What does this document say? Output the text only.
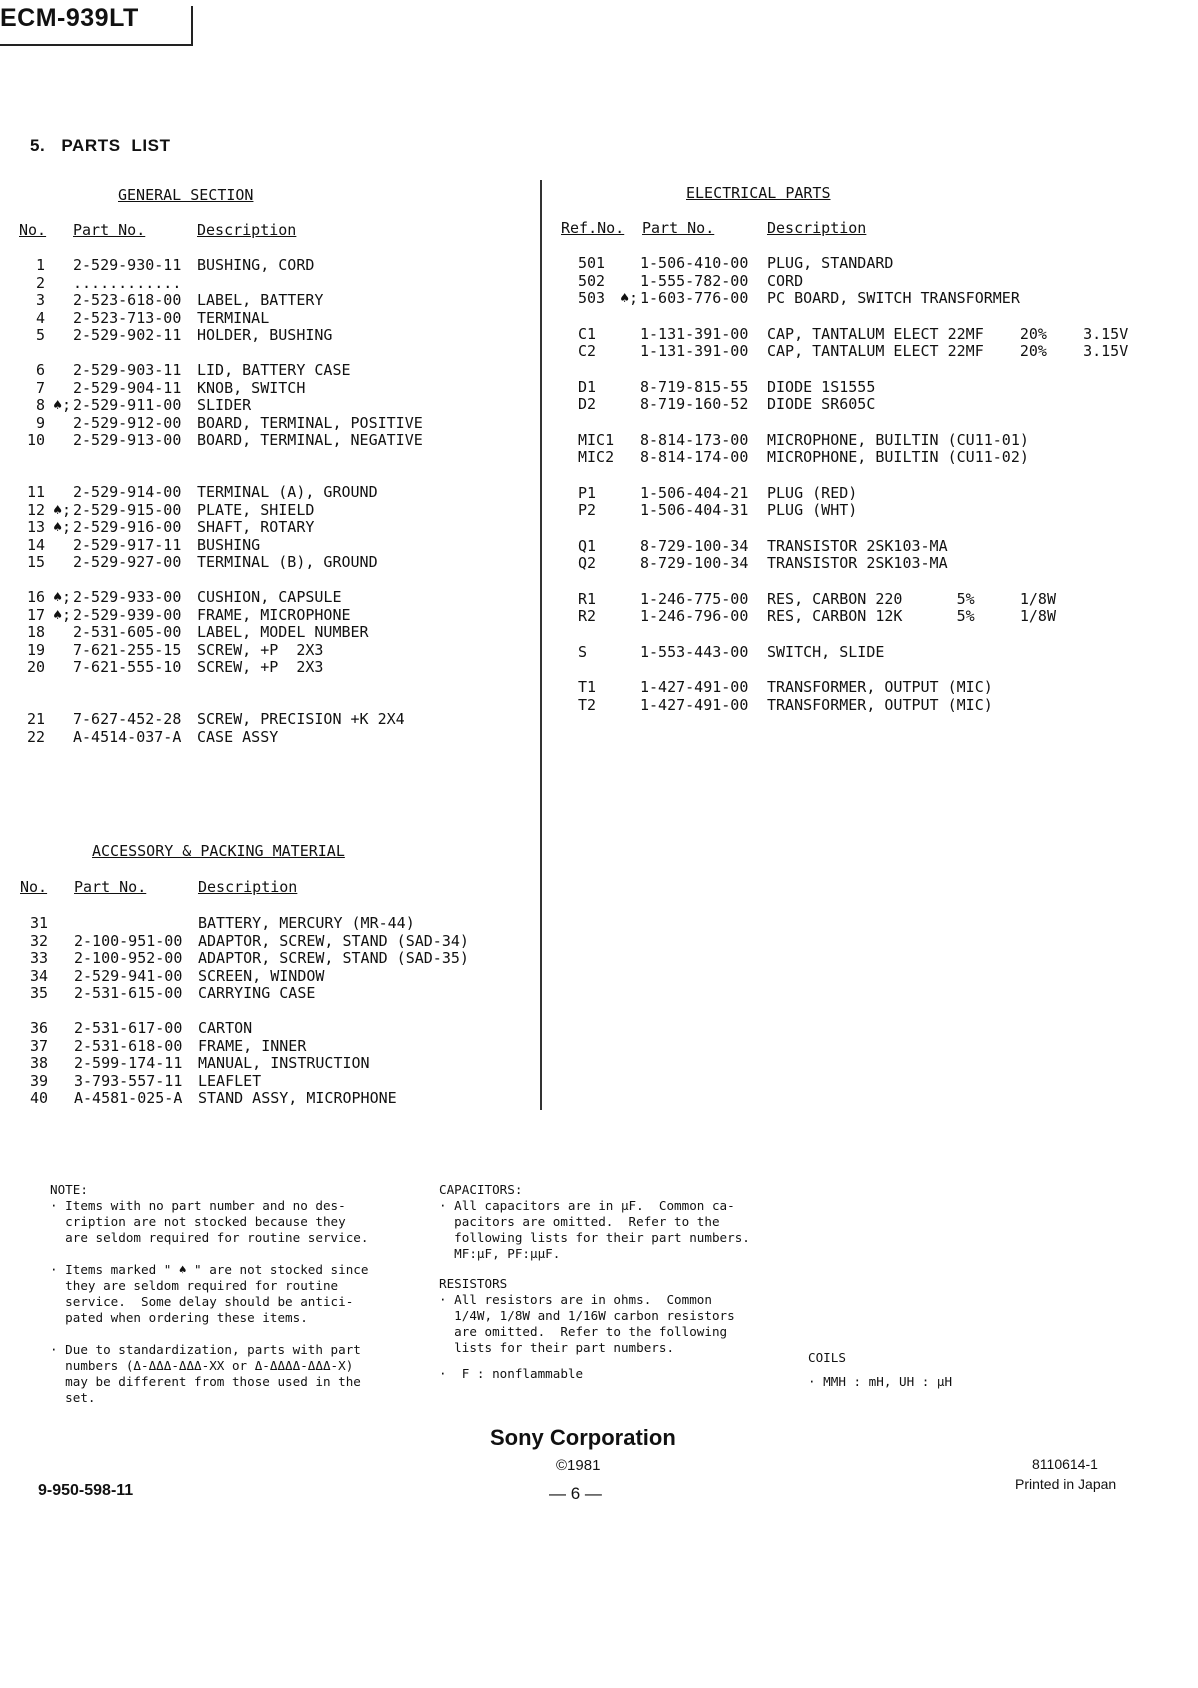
ECM-939LT
5. PARTS  LIST
GENERAL SECTION
No. Part No.	Description
1 2-529-930-11 BUSHING, CORD
2 ............
3 2-523-618-00 LABEL, BATTERY
4 2-523-713-00 TERMINAL
5 2-529-902-11 HOLDER, BUSHING
6 2-529-903-11 LID, BATTERY CASE
7 2-529-904-11 KNOB, SWITCH
8 ♠; 2-529-911-00 SLIDER
9 2-529-912-00 BOARD, TERMINAL, POSITIVE
10 2-529-913-00 BOARD, TERMINAL, NEGATIVE
11 2-529-914-00 TERMINAL (A), GROUND
12 ♠; 2-529-915-00 PLATE, SHIELD
13 ♠; 2-529-916-00 SHAFT, ROTARY
14 2-529-917-11 BUSHING
15 2-529-927-00 TERMINAL (B), GROUND
16 ♠; 2-529-933-00 CUSHION, CAPSULE
17 ♠; 2-529-939-00 FRAME, MICROPHONE
18 2-531-605-00 LABEL, MODEL NUMBER
19 7-621-255-15 SCREW, +P  2X3
20 7-621-555-10 SCREW, +P  2X3
21 7-627-452-28 SCREW, PRECISION +K 2X4
22 A-4514-037-A CASE ASSY
ACCESSORY & PACKING MATERIAL
No. Part No.	Description
31	BATTERY, MERCURY (MR-44)
32 2-100-951-00 ADAPTOR, SCREW, STAND (SAD-34)
33 2-100-952-00 ADAPTOR, SCREW, STAND (SAD-35)
34 2-529-941-00 SCREEN, WINDOW
35 2-531-615-00 CARRYING CASE
36 2-531-617-00 CARTON
37 2-531-618-00 FRAME, INNER
38 2-599-174-11 MANUAL, INSTRUCTION
39 3-793-557-11 LEAFLET
40 A-4581-025-A STAND ASSY, MICROPHONE
ELECTRICAL PARTS
Ref.No. Part No.	Description
501 1-506-410-00 PLUG, STANDARD
502 1-555-782-00 CORD
503 ♠; 1-603-776-00 PC BOARD, SWITCH TRANSFORMER
C1	1-131-391-00 CAP, TANTALUM ELECT 22MF    20%    3.15V
C2	1-131-391-00 CAP, TANTALUM ELECT 22MF    20%    3.15V
D1	8-719-815-55 DIODE 1S1555
D2	8-719-160-52 DIODE SR605C
MIC1 8-814-173-00 MICROPHONE, BUILTIN (CU11-01)
MIC2 8-814-174-00 MICROPHONE, BUILTIN (CU11-02)
P1	1-506-404-21 PLUG (RED)
P2	1-506-404-31 PLUG (WHT)
Q1	8-729-100-34 TRANSISTOR 2SK103-MA
Q2	8-729-100-34 TRANSISTOR 2SK103-MA
R1	1-246-775-00 RES, CARBON 220      5%     1/8W
R2	1-246-796-00 RES, CARBON 12K      5%     1/8W
S	1-553-443-00 SWITCH, SLIDE
T1	1-427-491-00 TRANSFORMER, OUTPUT (MIC)
T2	1-427-491-00 TRANSFORMER, OUTPUT (MIC)
NOTE:
· Items with no part number and no des-
cription are not stocked because they
are seldom required for routine service.

· Items marked " ♠ " are not stocked since
they are seldom required for routine
service.  Some delay should be antici-
pated when ordering these items.

· Due to standardization, parts with part
numbers (Δ-ΔΔΔ-ΔΔΔ-XX or Δ-ΔΔΔΔ-ΔΔΔ-X)
may be different from those used in the
set.
CAPACITORS:
· All capacitors are in µF.  Common ca-
pacitors are omitted.  Refer to the
following lists for their part numbers.
MF:µF, PF:µµF.
RESISTORS
· All resistors are in ohms.  Common
1/4W, 1/8W and 1/16W carbon resistors
are omitted.  Refer to the following
lists for their part numbers.
·  F : nonflammable
COILS
· MMH : mH, UH : µH
Sony Corporation
©1981
— 6 —
9-950-598-11
8110614-1
Printed in Japan
